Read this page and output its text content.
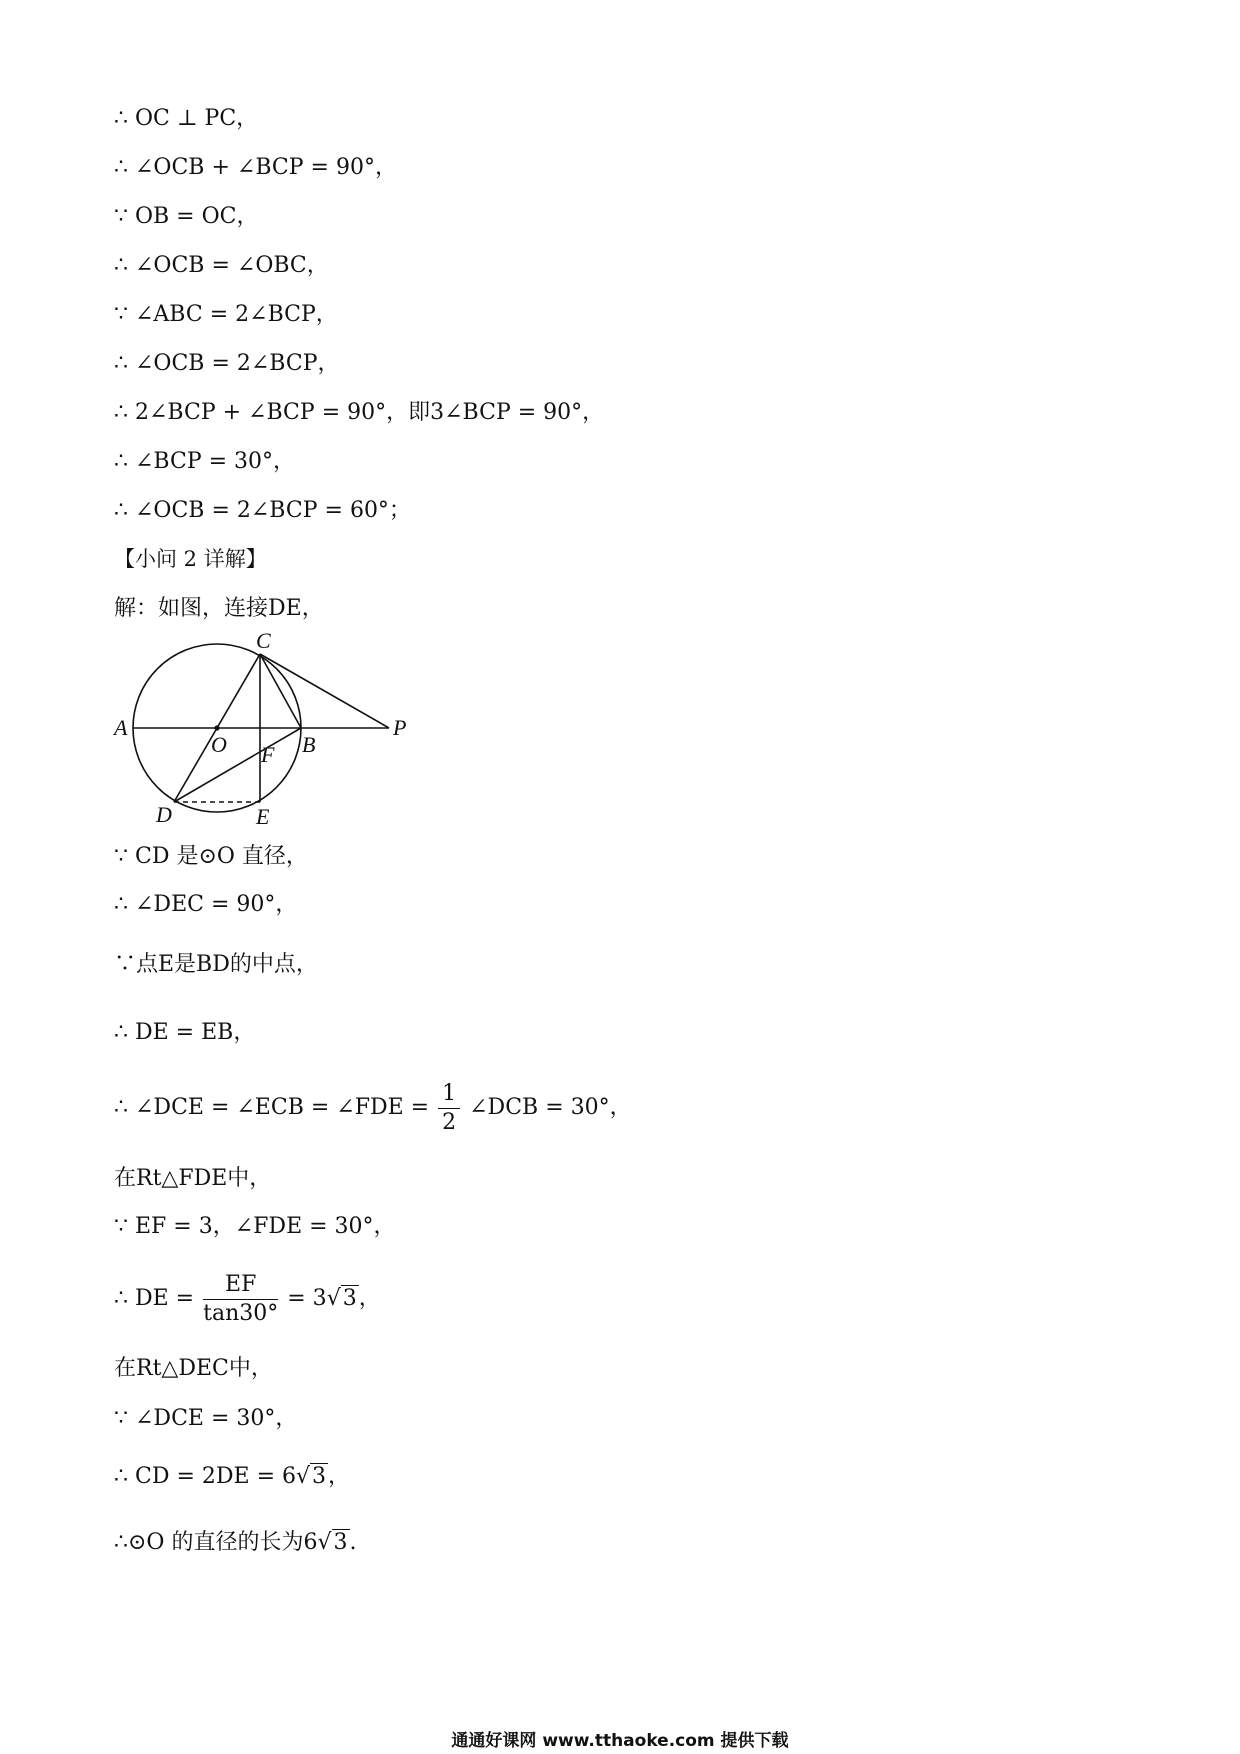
∴ OC ⊥ PC，
∴ ∠OCB + ∠BCP = 90°，
∵ OB = OC，
∴ ∠OCB = ∠OBC，
∵ ∠ABC = 2∠BCP，
∴ ∠OCB = 2∠BCP，
∴ 2∠BCP + ∠BCP = 90°，即3∠BCP = 90°，
∴ ∠BCP = 30°，
∴ ∠OCB = 2∠BCP = 60°；
【小问 2 详解】
解：如图，连接DE，
C
A
O	B
P
F
D	E
∵ CD 是⊙O 直径，
∴ ∠DEC = 90°，
∵点E是BD的中点，
∴ DE = EB，
∴ ∠DCE = ∠ECB = ∠FDE = $\frac{1}{2}$ ∠DCB = 30°，
在Rt△FDE中，
∵ EF = 3，∠FDE = 30°，
∴ DE = $\frac{EF}{\tan 30^\circ} = 3√3$，
在Rt△DEC中，
∵ ∠DCE = 30°，
∴ CD = 2DE = 6√3，
∴⊙O 的直径的长为6√3.
通通好课网 www.tthaoke.com 提供下载
